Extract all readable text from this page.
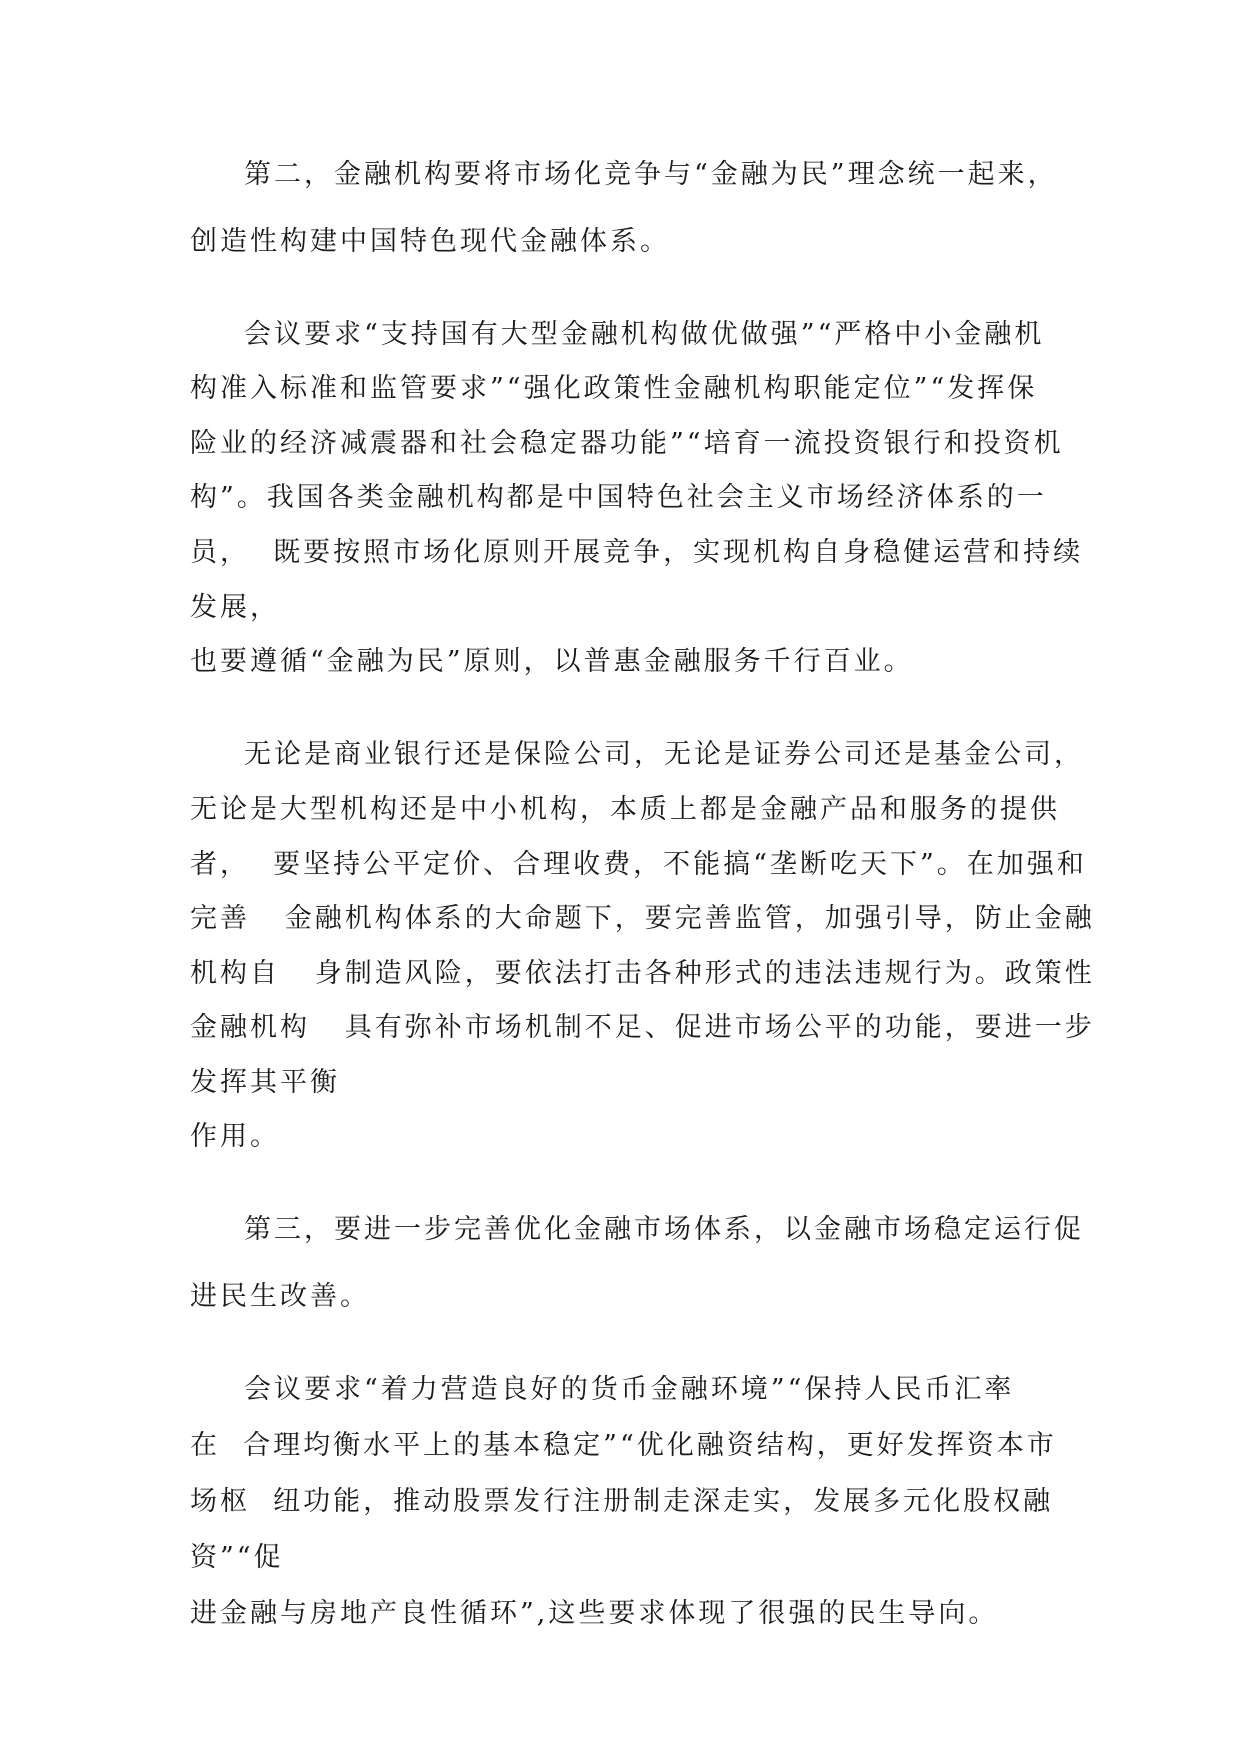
第二，金融机构要将市场化竞争与“金融为民”理念统一起来，

创造性构建中国特色现代金融体系。

会议要求“支持国有大型金融机构做优做强”“严格中小金融机

构准入标准和监管要求”“强化政策性金融机构职能定位”“发挥保

险业的经济减震器和社会稳定器功能”“培育一流投资银行和投资机

构”。我国各类金融机构都是中国特色社会主义市场经济体系的一

员，  既要按照市场化原则开展竞争，实现机构自身稳健运营和持续

发展，

也要遵循“金融为民”原则，以普惠金融服务千行百业。

无论是商业银行还是保险公司，无论是证券公司还是基金公司，

无论是大型机构还是中小机构，本质上都是金融产品和服务的提供

者，  要坚持公平定价、合理收费，不能搞“垄断吃天下”。在加强和

完善   金融机构体系的大命题下，要完善监管，加强引导，防止金融

机构自   身制造风险，要依法打击各种形式的违法违规行为。政策性

金融机构   具有弥补市场机制不足、促进市场公平的功能，要进一步

发挥其平衡

作用。

第三，要进一步完善优化金融市场体系，以金融市场稳定运行促

进民生改善。

会议要求“着力营造良好的货币金融环境”“保持人民币汇率

在  合理均衡水平上的基本稳定”“优化融资结构，更好发挥资本市

场枢  纽功能，推动股票发行注册制走深走实，发展多元化股权融

资”“促

进金融与房地产良性循环”,这些要求体现了很强的民生导向。
